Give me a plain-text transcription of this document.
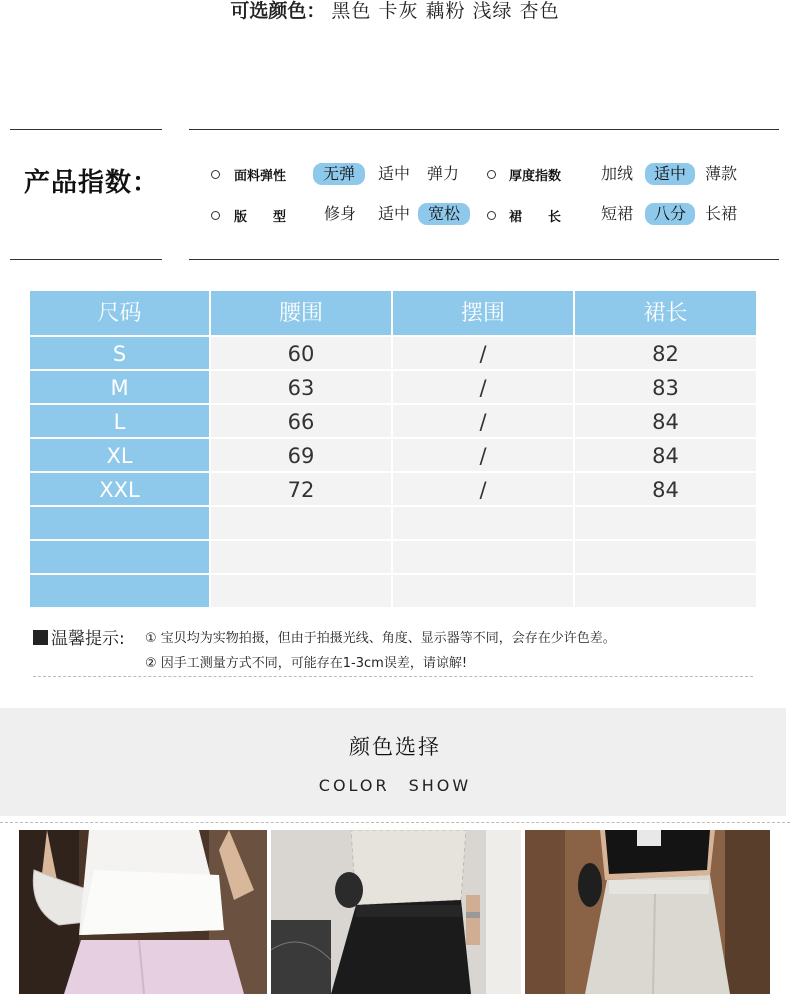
可选颜色： 黑色 卡灰 藕粉 浅绿 杏色
产品指数：	面料弹性	无弹	适中 弹力	厚度指数 加绒	适中	薄款
版　　型 修身 适中	宽松	裙　　长 短裙	八分	长裙
尺码	腰围	摆围	裙长
S	60	/	82
M	63	/	83
L	66	/	84
XL	69	/	84
XXL	72	/	84
温馨提示: ① 宝贝均为实物拍摄，但由于拍摄光线、角度、显示器等不同，会存在少许色差。
② 因手工测量方式不同，可能存在1-3cm误差，请谅解!
颜色选择
COLOR　SHOW
